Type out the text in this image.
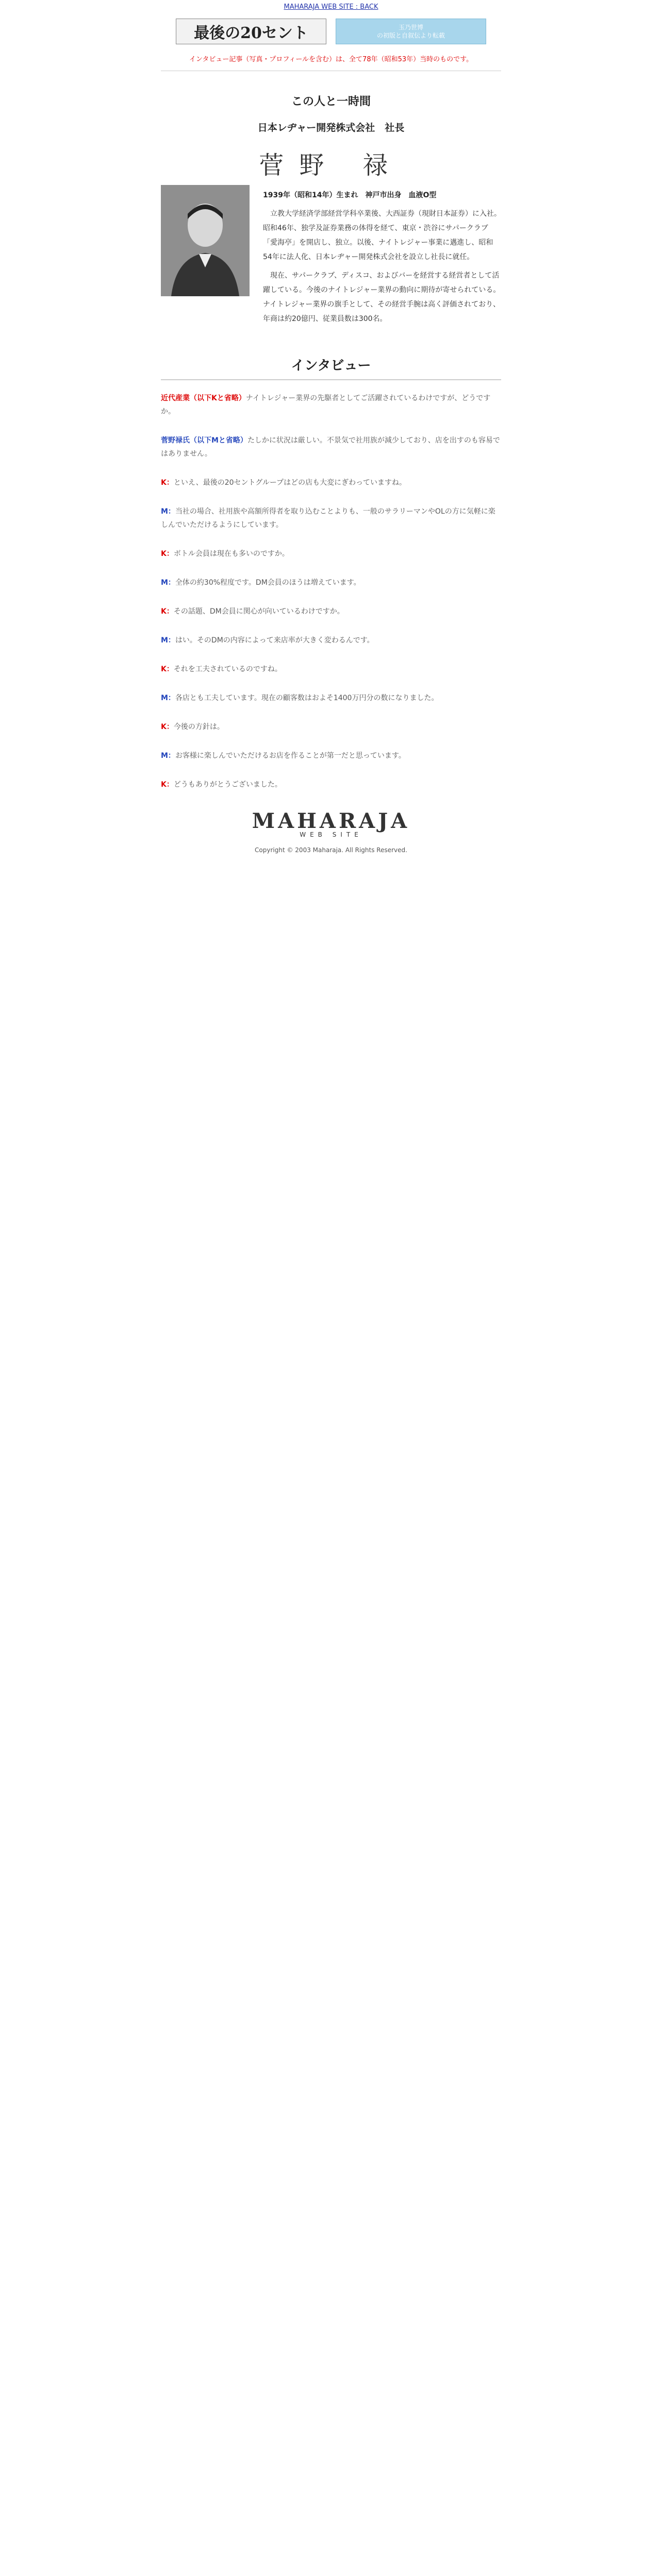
MAHARAJA WEB SITE : BACK
最後の20セント	玉乃世博
の初版と自叙伝より転載
インタビュー記事（写真・プロフィールを含む）は、全て78年（昭和53年）当時のものです。
この人と一時間
日本レヂャー開発株式会社　社長
菅野 禄
1939年（昭和14年）生まれ　神戸市出身　血液O型

立教大学経済学部経営学科卒業後、大西証券（現財日本証券）に入社。昭和46年、独学及証券業務の体得を経て、東京・渋谷にサパークラブ「愛海亭」を開店し、独立。以後、ナイトレジャー事業に邁進し、昭和54年に法人化、日本レヂャー開発株式会社を設立し社長に就任。

現在、サパークラブ、ディスコ、およびバーを経営する経営者として活躍している。今後のナイトレジャー業界の動向に期待が寄せられている。ナイトレジャー業界の旗手として、その経営手腕は高く評価されており、年商は約20億円、従業員数は300名。

インタビュー

近代産業（以下Kと省略）ナイトレジャー業界の先駆者としてご活躍されているわけですが、どうですか。

菅野禄氏（以下Mと省略）たしかに状況は厳しい。不景気で社用族が減少しており、店を出すのも容易ではありません。

K：といえ、最後の20セントグループはどの店も大変にぎわっていますね。

M：当社の場合、社用族や高額所得者を取り込むことよりも、一般のサラリーマンやOLの方に気軽に楽しんでいただけるようにしています。

K：ボトル会員は現在も多いのですか。

M：全体の約30%程度です。DM会員のほうは増えています。

K：その話題、DM会員に関心が向いているわけですか。

M：はい。そのDMの内容によって来店率が大きく変わるんです。

K：それを工夫されているのですね。

M：各店とも工夫しています。現在の顧客数はおよそ1400万円分の数になりました。

K：今後の方針は。

M：お客様に楽しんでいただけるお店を作ることが第一だと思っています。

K：どうもありがとうございました。

MAHARAJA
WEB SITE
Copyright © 2003 Maharaja. All Rights Reserved.
